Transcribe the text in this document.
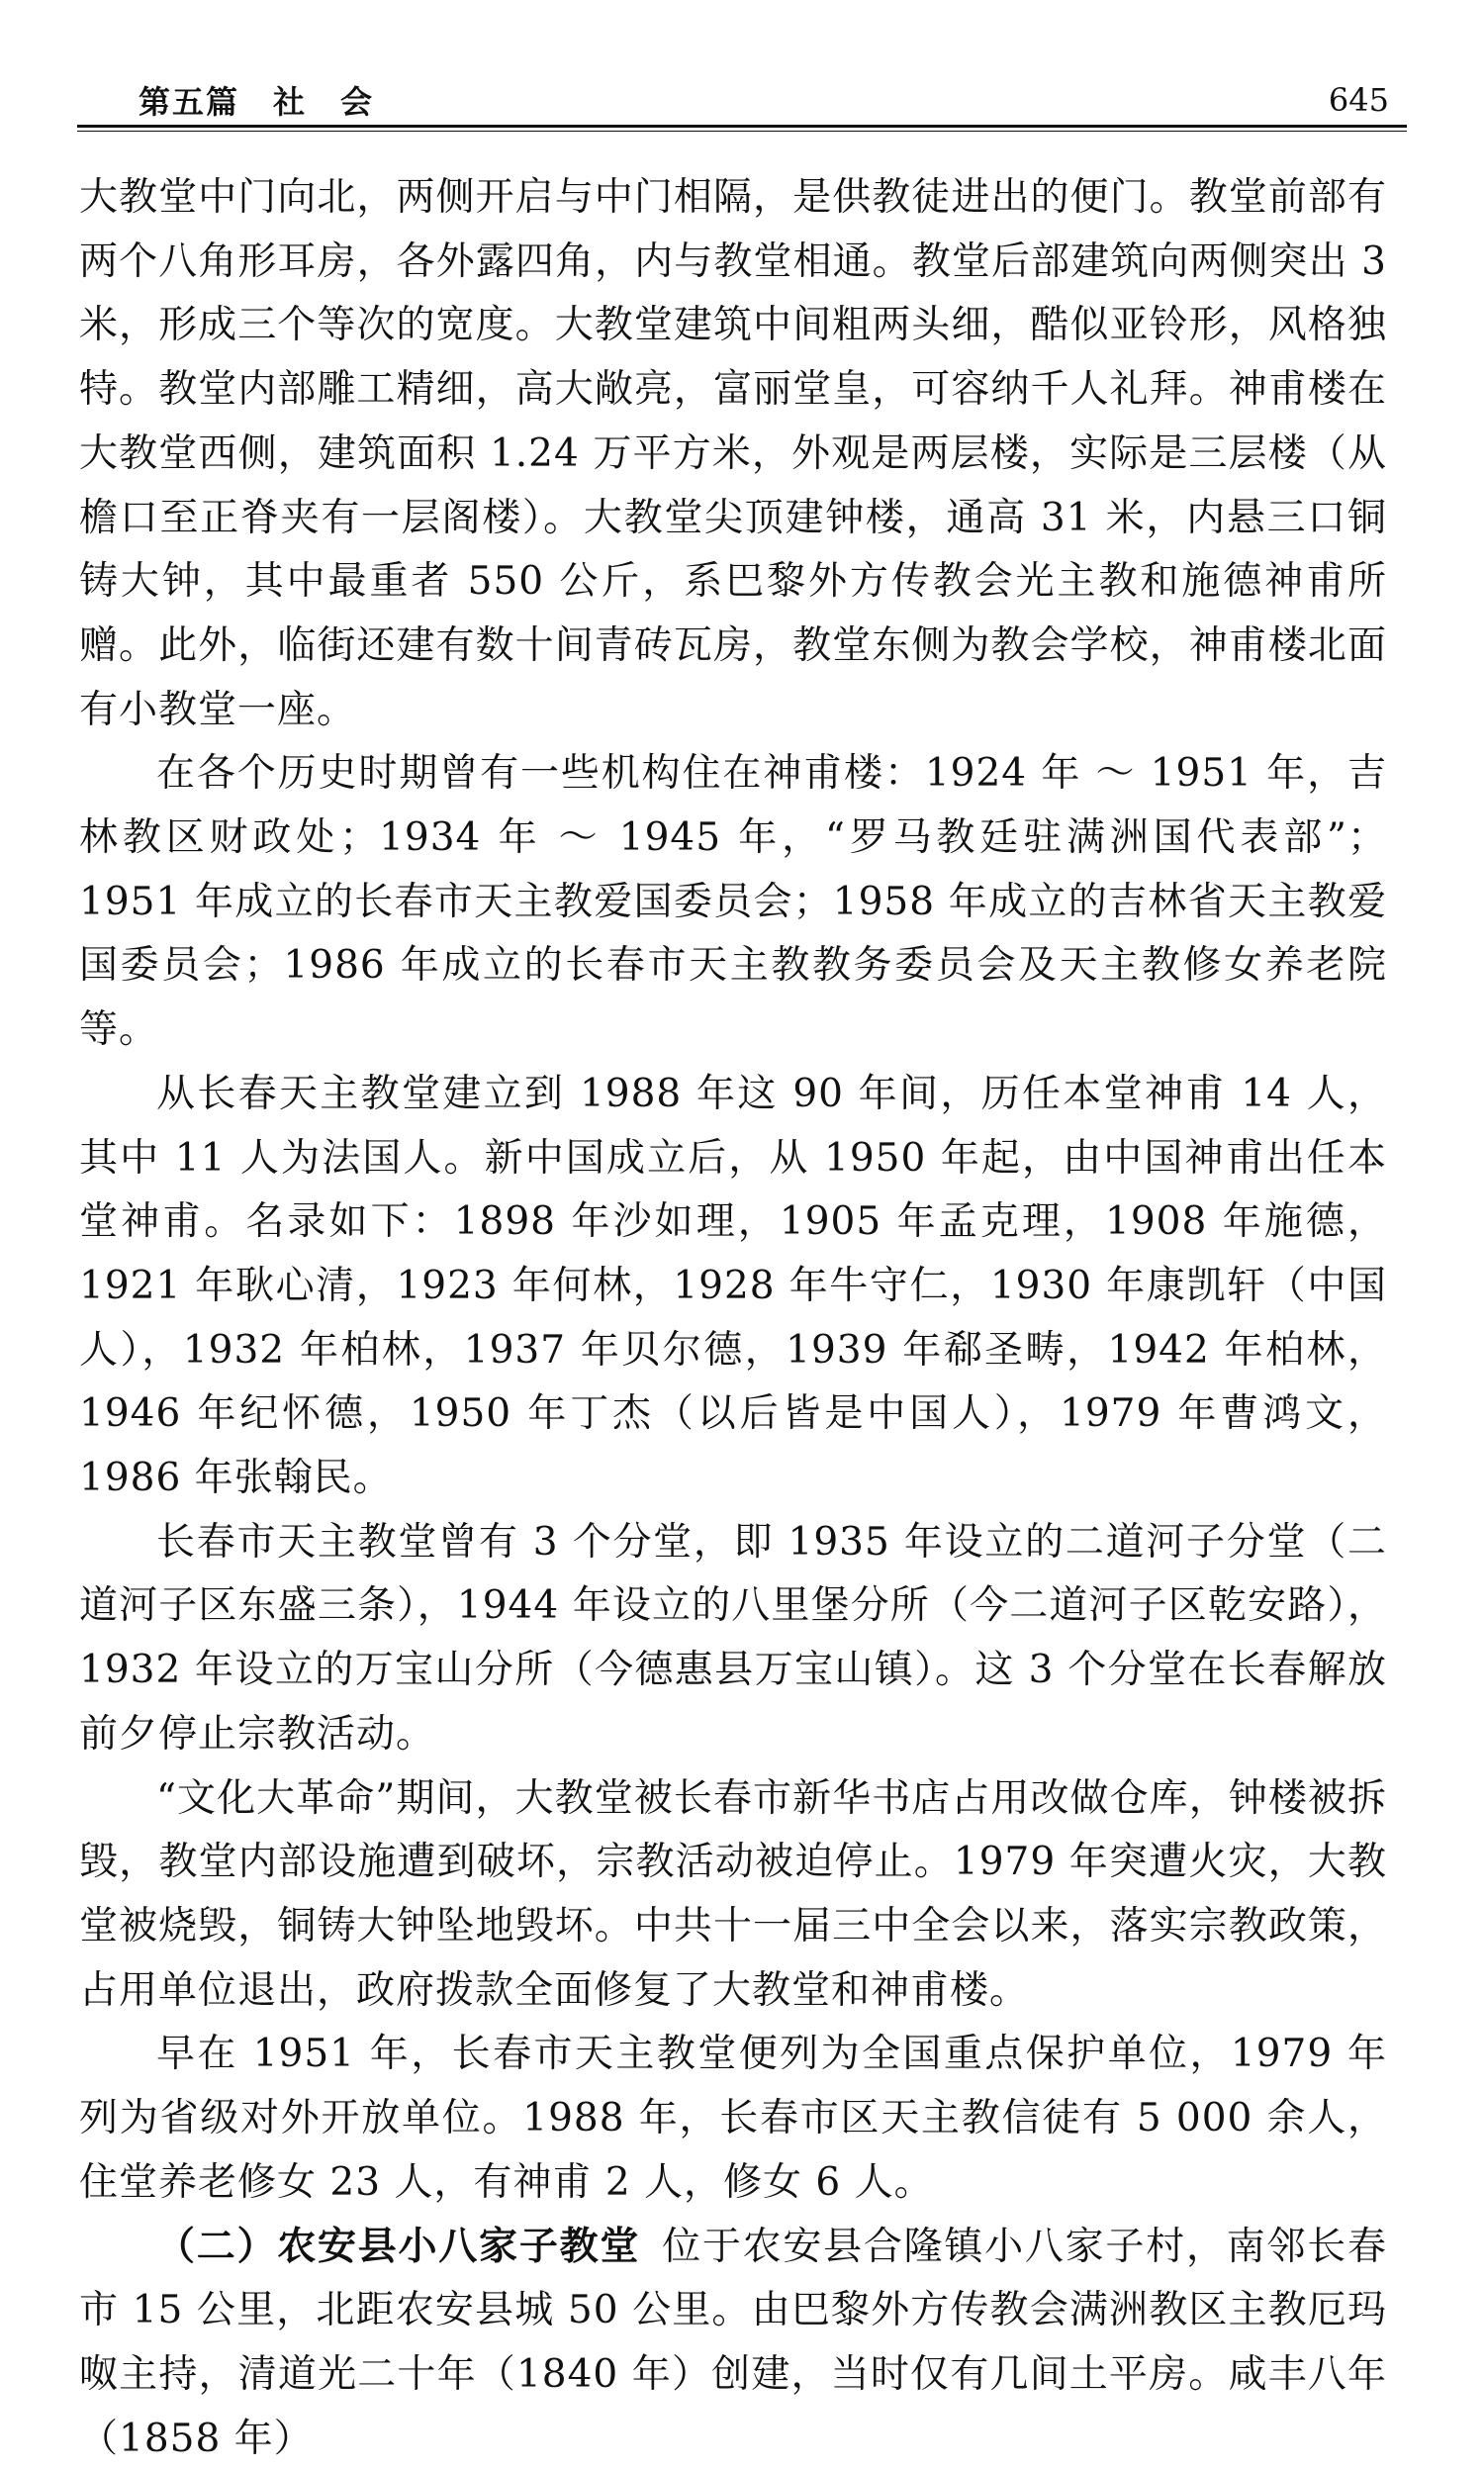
第五篇　社　会	645

大教堂中门向北，两侧开启与中门相隔，是供教徒进出的便门。教堂前部有两个八角形耳房，各外露四角，内与教堂相通。教堂后部建筑向两侧突出 3 米，形成三个等次的宽度。大教堂建筑中间粗两头细，酷似亚铃形，风格独特。教堂内部雕工精细，高大敞亮，富丽堂皇，可容纳千人礼拜。神甫楼在大教堂西侧，建筑面积 1.24 万平方米，外观是两层楼，实际是三层楼（从檐口至正脊夹有一层阁楼）。大教堂尖顶建钟楼，通高 31 米，内悬三口铜铸大钟，其中最重者 550 公斤，系巴黎外方传教会光主教和施德神甫所赠。此外，临街还建有数十间青砖瓦房，教堂东侧为教会学校，神甫楼北面有小教堂一座。

在各个历史时期曾有一些机构住在神甫楼：1924 年 ～ 1951 年，吉林教区财政处；1934 年 ～ 1945 年，“罗马教廷驻满洲国代表部”；1951 年成立的长春市天主教爱国委员会；1958 年成立的吉林省天主教爱国委员会；1986 年成立的长春市天主教教务委员会及天主教修女养老院等。

从长春天主教堂建立到 1988 年这 90 年间，历任本堂神甫 14 人，其中 11 人为法国人。新中国成立后，从 1950 年起，由中国神甫出任本堂神甫。名录如下：1898 年沙如理，1905 年孟克理，1908 年施德，1921 年耿心清，1923 年何林，1928 年牛守仁，1930 年康凯轩（中国人），1932 年柏林，1937 年贝尔德，1939 年郗圣畴，1942 年柏林，1946 年纪怀德，1950 年丁杰（以后皆是中国人），1979 年曹鸿文，1986 年张翰民。

长春市天主教堂曾有 3 个分堂，即 1935 年设立的二道河子分堂（二道河子区东盛三条），1944 年设立的八里堡分所（今二道河子区乾安路），1932 年设立的万宝山分所（今德惠县万宝山镇）。这 3 个分堂在长春解放前夕停止宗教活动。

“文化大革命”期间，大教堂被长春市新华书店占用改做仓库，钟楼被拆毁，教堂内部设施遭到破坏，宗教活动被迫停止。1979 年突遭火灾，大教堂被烧毁，铜铸大钟坠地毁坏。中共十一届三中全会以来，落实宗教政策，占用单位退出，政府拨款全面修复了大教堂和神甫楼。

早在 1951 年，长春市天主教堂便列为全国重点保护单位，1979 年列为省级对外开放单位。1988 年，长春市区天主教信徒有 5 000 余人，住堂养老修女 23 人，有神甫 2 人，修女 6 人。

（二）农安县小八家子教堂 位于农安县合隆镇小八家子村，南邻长春市 15 公里，北距农安县城 50 公里。由巴黎外方传教会满洲教区主教厄玛呶主持，清道光二十年（1840 年）创建，当时仅有几间土平房。咸丰八年（1858 年）
